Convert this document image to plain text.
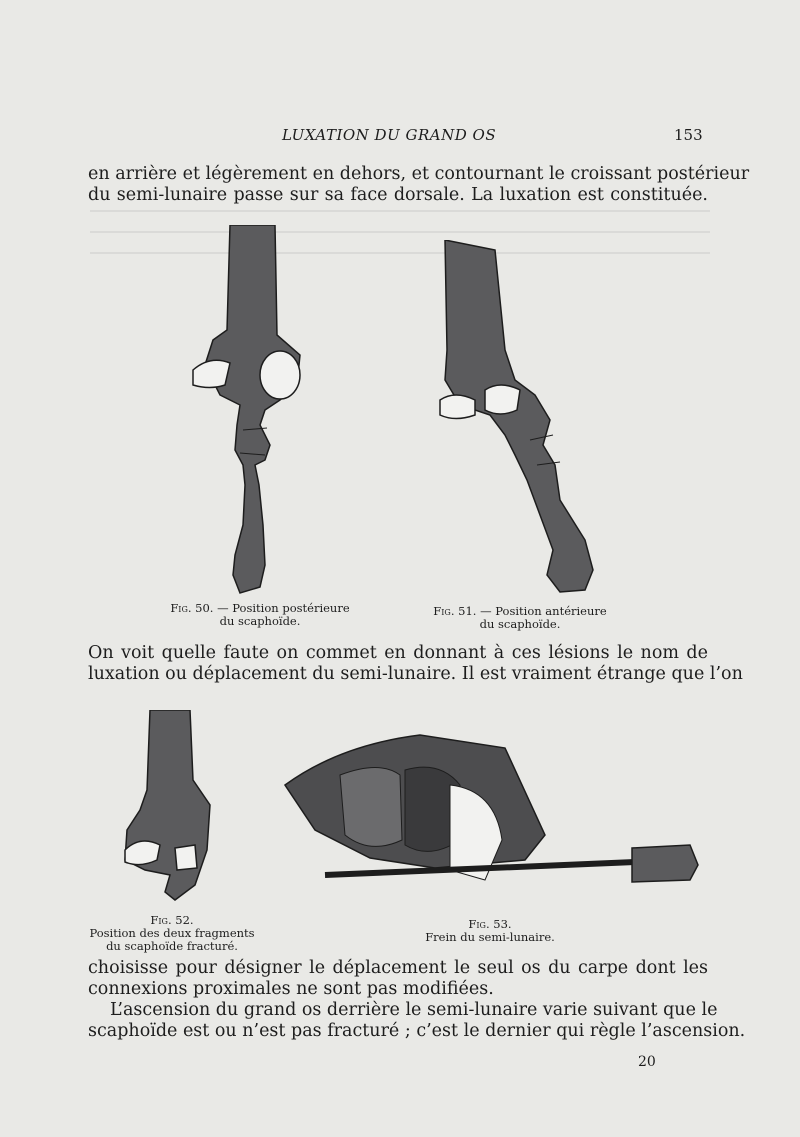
LUXATION DU GRAND OS	153
en arrière et légèrement en dehors, et contournant le croissant postérieur
du semi-lunaire passe sur sa face dorsale. La luxation est constituée.
Fig. 50. — Position postérieure
du scaphoïde.
Fig. 51. — Position antérieure
du scaphoïde.
On voit quelle faute on commet en donnant à ces lésions le nom de
luxation ou déplacement du semi-lunaire. Il est vraiment étrange que l’on
Fig. 52.
Position des deux fragments
du scaphoïde fracturé.
Fig. 53.
Frein du semi-lunaire.
choisisse pour désigner le déplacement le seul os du carpe dont les
connexions proximales ne sont pas modifiées.
L’ascension du grand os derrière le semi-lunaire varie suivant que le
scaphoïde est ou n’est pas fracturé ; c’est le dernier qui règle l’ascension.
20
